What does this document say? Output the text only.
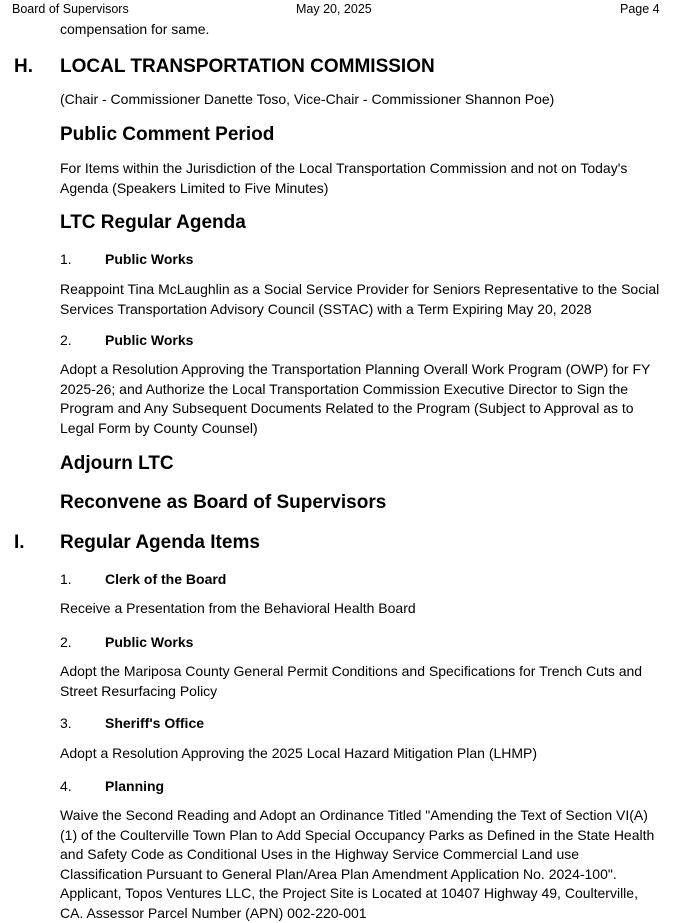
Board of Supervisors	May 20, 2025	Page 4
compensation for same.
H. LOCAL TRANSPORTATION COMMISSION
(Chair - Commissioner Danette Toso, Vice-Chair - Commissioner Shannon Poe)
Public Comment Period
For Items within the Jurisdiction of the Local Transportation Commission and not on Today's Agenda (Speakers Limited to Five Minutes)
LTC Regular Agenda
1. Public Works
Reappoint Tina McLaughlin as a Social Service Provider for Seniors Representative to the Social Services Transportation Advisory Council (SSTAC) with a Term Expiring May 20, 2028
2. Public Works
Adopt a Resolution Approving the Transportation Planning Overall Work Program (OWP) for FY 2025-26; and Authorize the Local Transportation Commission Executive Director to Sign the Program and Any Subsequent Documents Related to the Program (Subject to Approval as to Legal Form by County Counsel)
Adjourn LTC
Reconvene as Board of Supervisors
I. Regular Agenda Items
1. Clerk of the Board
Receive a Presentation from the Behavioral Health Board
2. Public Works
Adopt the Mariposa County General Permit Conditions and Specifications for Trench Cuts and Street Resurfacing Policy
3. Sheriff's Office
Adopt a Resolution Approving the 2025 Local Hazard Mitigation Plan (LHMP)
4. Planning
Waive the Second Reading and Adopt an Ordinance Titled "Amending the Text of Section VI(A)(1) of the Coulterville Town Plan to Add Special Occupancy Parks as Defined in the State Health and Safety Code as Conditional Uses in the Highway Service Commercial Land use Classification Pursuant to General Plan/Area Plan Amendment Application No. 2024-100". Applicant, Topos Ventures LLC, the Project Site is Located at 10407 Highway 49, Coulterville, CA. Assessor Parcel Number (APN) 002-220-001
